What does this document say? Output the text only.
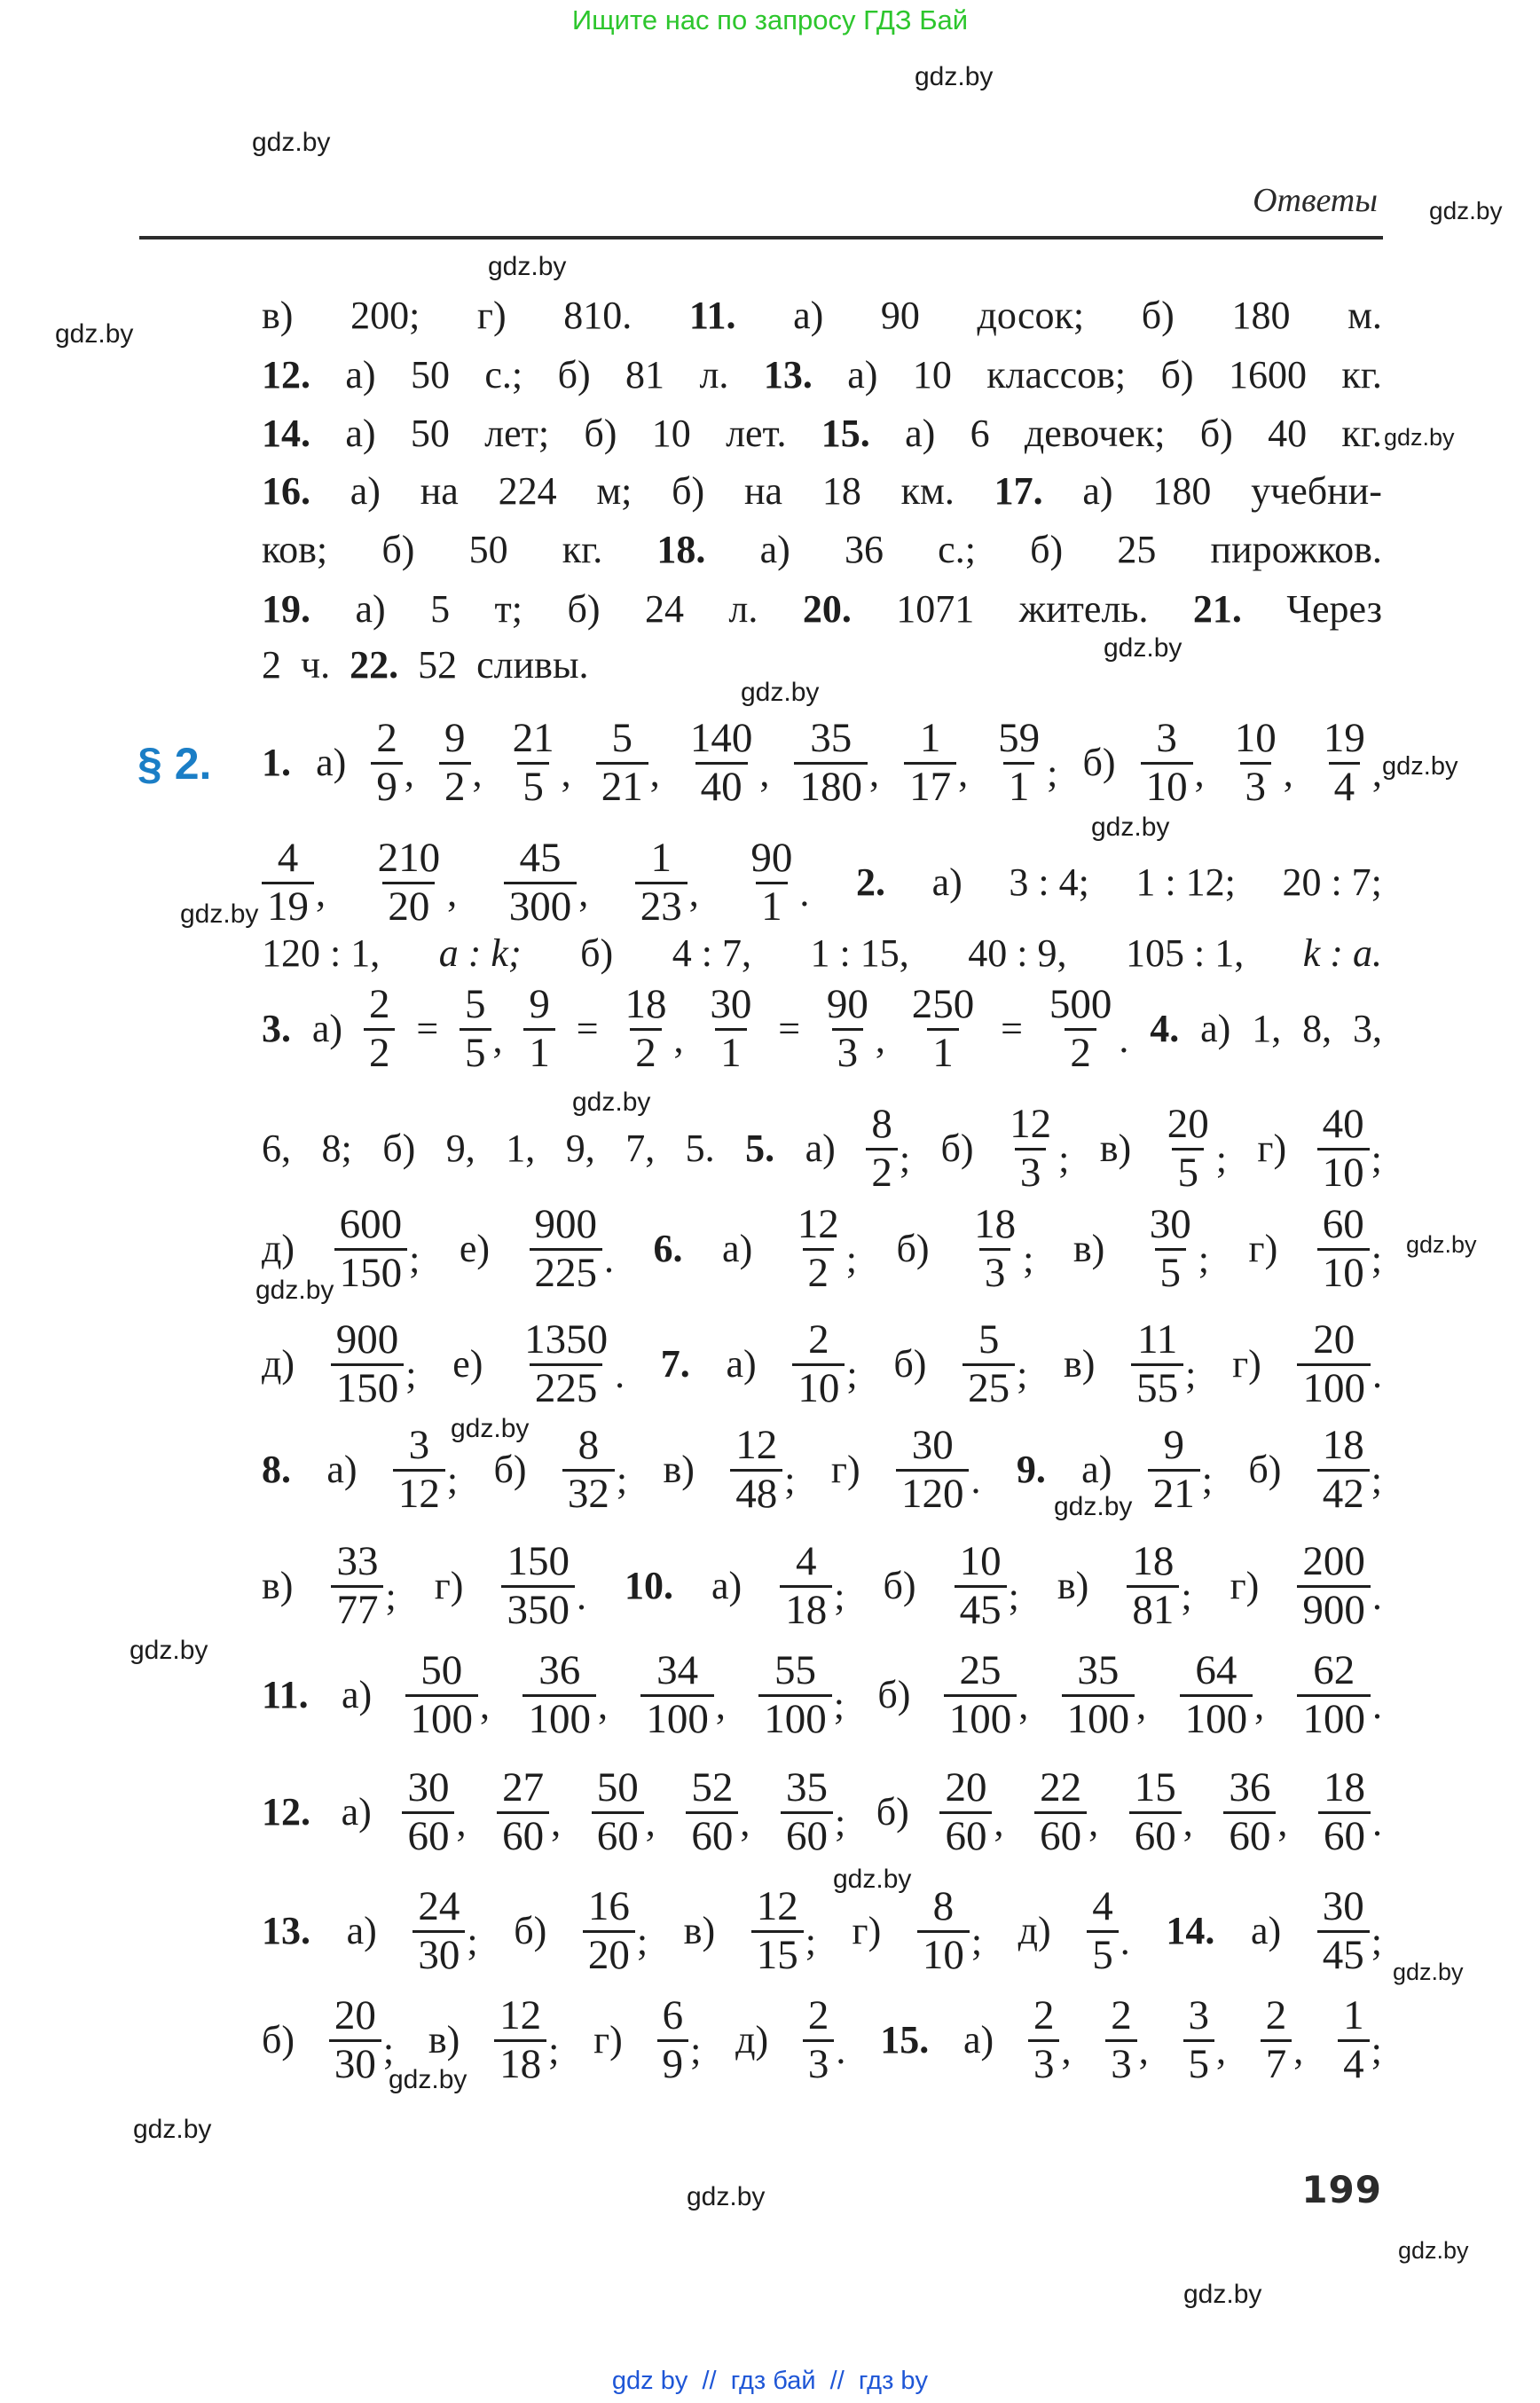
Ищите нас по запросу ГДЗ Бай
Ответы
gdz.by
gdz.by
gdz.by
gdz.by
gdz.by
gdz.by
gdz.by
gdz.by
gdz.by
gdz.by
gdz.by
gdz.by
gdz.by
gdz.by
gdz.by
gdz.by
gdz.by
gdz.by
gdz.by
gdz.by
gdz.by
gdz.by
gdz.by
gdz.by
§ 2.
в) 200; г) 810. 11. а) 90 досок; б) 180 м.
12. а) 50 с.; б) 81 л. 13. а) 10 классов; б) 1600 кг.
14. а) 50 лет; б) 10 лет. 15. а) 6 девочек; б) 40 кг.
16. а) на 224 м; б) на 18 км. 17. а) 180 учебни-
ков; б) 50 кг. 18. а) 36 с.; б) 25 пирожков.
19. а) 5 т; б) 24 л. 20. 1071 житель. 21. Через
2 ч. 22. 52 сливы.
1. $а) \frac{2}{9}$ , $\frac{9}{2}$ , $\frac{21}{5}$ , $\frac{5}{21}$ , $\frac{140}{40}$ , $\frac{35}{180}$ , $\frac{1}{17}$ , $\frac{59}{1}$ ; $б) \frac{3}{10}$ , $\frac{10}{3}$ , $\frac{19}{4}$ ,
$\frac{4}{19}$ , $\frac{210}{20}$ , $\frac{45}{300}$ , $\frac{1}{23}$ , $\frac{90}{1}$ . 2. а) 3 : 4; 1 : 12; 20 : 7;
120 : 1, a : k; б) 4 : 7, 1 : 15, 40 : 9, 105 : 1, k : a.
3. $а) \frac{2}{2} = \frac{5}{5}$ , $\frac{9}{1} = \frac{18}{2}$ , $\frac{30}{1} = \frac{90}{3}$ , $\frac{250}{1} = \frac{500}{2}$ . 4. а) 1, 8, 3,
6, 8; б) 9, 1, 9, 7, 5. 5. $а) \frac{8}{2}$ ; $б) \frac{12}{3}$ ; $в) \frac{20}{5}$ ; $г) \frac{40}{10}$ ;
$д) \frac{600}{150}$ ; $е) \frac{900}{225}$ . 6. $а) \frac{12}{2}$ ; $б) \frac{18}{3}$ ; $в) \frac{30}{5}$ ; $г) \frac{60}{10}$ ;
$д) \frac{900}{150}$ ; $е) \frac{1350}{225}$ . 7. $а) \frac{2}{10}$ ; $б) \frac{5}{25}$ ; $в) \frac{11}{55}$ ; $г) \frac{20}{100}$ .
8. $а) \frac{3}{12}$ ; $б) \frac{8}{32}$ ; $в) \frac{12}{48}$ ; $г) \frac{30}{120}$ . 9. $а) \frac{9}{21}$ ; $б) \frac{18}{42}$ ;
$в) \frac{33}{77}$ ; $г) \frac{150}{350}$ . 10. $а) \frac{4}{18}$ ; $б) \frac{10}{45}$ ; $в) \frac{18}{81}$ ; $г) \frac{200}{900}$ .
11. $а) \frac{50}{100}$ , $\frac{36}{100}$ , $\frac{34}{100}$ , $\frac{55}{100}$ ; $б) \frac{25}{100}$ , $\frac{35}{100}$ , $\frac{64}{100}$ , $\frac{62}{100}$ .
12. $а) \frac{30}{60}$ , $\frac{27}{60}$ , $\frac{50}{60}$ , $\frac{52}{60}$ , $\frac{35}{60}$ ; $б) \frac{20}{60}$ , $\frac{22}{60}$ , $\frac{15}{60}$ , $\frac{36}{60}$ , $\frac{18}{60}$ .
13. $а) \frac{24}{30}$ ; $б) \frac{16}{20}$ ; $в) \frac{12}{15}$ ; $г) \frac{8}{10}$ ; $д) \frac{4}{5}$ . 14. $а) \frac{30}{45}$ ;
$б) \frac{20}{30}$ ; $в) \frac{12}{18}$ ; $г) \frac{6}{9}$ ; $д) \frac{2}{3}$ . 15. $а) \frac{2}{3}$ , $\frac{2}{3}$ , $\frac{3}{5}$ , $\frac{2}{7}$ , $\frac{1}{4}$ ;
199
gdz by  //  гдз бай  //  гдз by
